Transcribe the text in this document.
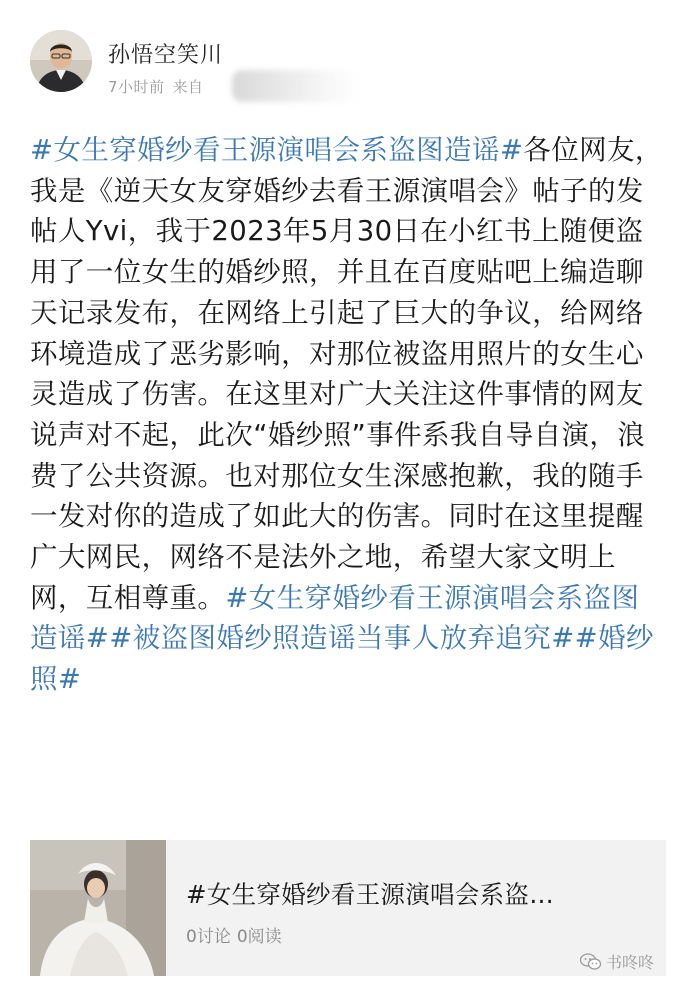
孙悟空笑川
7小时前 来自
#女生穿婚纱看王源演唱会系盗图造谣#各位网友，我是《逆天女友穿婚纱去看王源演唱会》帖子的发帖人Yvi，我于2023年5月30日在小红书上随便盗用了一位女生的婚纱照，并且在百度贴吧上编造聊天记录发布，在网络上引起了巨大的争议，给网络环境造成了恶劣影响，对那位被盗用照片的女生心灵造成了伤害。在这里对广大关注这件事情的网友说声对不起，此次“婚纱照”事件系我自导自演，浪费了公共资源。也对那位女生深感抱歉，我的随手一发对你的造成了如此大的伤害。同时在这里提醒广大网民，网络不是法外之地，希望大家文明上网，互相尊重。#女生穿婚纱看王源演唱会系盗图造谣##被盗图婚纱照造谣当事人放弃追究##婚纱照#
#女生穿婚纱看王源演唱会系盗…
0讨论 0阅读
书咚咚
